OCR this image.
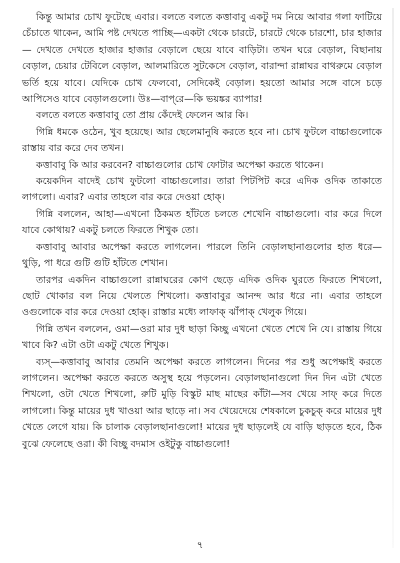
কিন্তু আমার চোখ ফুটেছে এবার। বলতে বলতে কত্তাবাবু একটু দম নিয়ে আবার গলা ফাটিয়ে চেঁচাতে থাকেন, আমি পষ্ট দেখতে পাচ্ছি—একটা থেকে চারটে, চারটে থেকে চারশো, চার হাজার— দেখতে দেখতে হাজার হাজার বেড়ালে ছেয়ে যাবে বাড়িটা। তখন ঘরে বেড়াল, বিছানায় বেড়াল, চেয়ার টেবিলে বেড়াল, আলমারিতে সুটকেসে বেড়াল, বারান্দা রান্নাঘর বাথরুমে বেড়াল ভর্তি হয়ে যাবে। যেদিকে চোখ ফেলবো, সেদিকেই বেড়াল। হয়তো আমার সঙ্গে বাসে চড়ে আপিসেও যাবে বেড়ালগুলো। উঃ—বাপ্‌রে—কি ভয়ঙ্কর ব্যাপার!

বলতে বলতে কত্তাবাবু তো প্রায় কেঁদেই ফেলেন আর কি।

গিন্নি ধমকে ওঠেন, খুব হয়েছে। আর ছেলেমানুষি করতে হবে না। চোখ ফুটলে বাচ্চাগুলোকে রাস্তায় বার করে দেব তখন।

কত্তাবাবু কি আর করবেন? বাচ্চাগুলোর চোখ ফোটার অপেক্ষা করতে থাকেন।

কয়েকদিন বাদেই চোখ ফুটলো বাচ্চাগুলোর। তারা পিটপিট করে এদিক ওদিক তাকাতে লাগলো। এবার? এবার তাহলে বার করে দেওয়া হোক্।

গিন্নি বললেন, আহা—এখনো ঠিকমত হাঁটতে চলতে শেখেনি বাচ্চাগুলো। বার করে দিলে যাবে কোথায়? একটু চলতে ফিরতে শিখুক তো।

কত্তাবাবু আবার অপেক্ষা করতে লাগলেন। পারলে তিনি বেড়ালছানাগুলোর হাত ধরে— থুড়ি, পা ধরে গুটি গুটি হাঁটতে শেখান।

তারপর একদিন বাচ্চাগুলো রান্নাঘরের কোণ ছেড়ে এদিক ওদিক ঘুরতে ফিরতে শিখলো, ছোট খোকার বল নিয়ে খেলতে শিখলো। কত্তাবাবুর আনন্দ আর ধরে না। এবার তাহলে ওগুলোকে বার করে দেওয়া হোক্। রাস্তার মধ্যে লাফাক্ ঝাঁপাক্ খেলুক গিয়ে।

গিন্নি তখন বললেন, ওমা—ওরা মার দুধ ছাড়া কিচ্ছু এখনো খেতে শেখে নি যে। রাস্তায় গিয়ে খাবে কি? এটা ওটা একটু খেতে শিখুক।

ব্যস্—কত্তাবাবু আবার তেমনি অপেক্ষা করতে লাগলেন। দিনের পর শুধু অপেক্ষাই করতে লাগলেন। অপেক্ষা করতে করতে অসুস্থ হয়ে পড়লেন। বেড়ালছানাগুলো দিন দিন এটা খেতে শিখলো, ওটা খেতে শিখলো, রুটি মুড়ি বিস্কুট মাছ মাছের কাঁটা—সব খেয়ে সাফ্ করে দিতে লাগলো। কিন্তু মায়ের দুধ খাওয়া আর ছাড়ে না। সব খেয়েদেয়ে শেষকালে চুকচুক্ করে মায়ের দুধ খেতে লেগে যায়। কি চালাক বেড়ালছানাগুলো! মায়ের দুধ ছাড়লেই যে বাড়ি ছাড়তে হবে, ঠিক বুঝে ফেলেছে ওরা। কী বিচ্ছু বদমাস ওইটুকু বাচ্চাগুলো!

৭
